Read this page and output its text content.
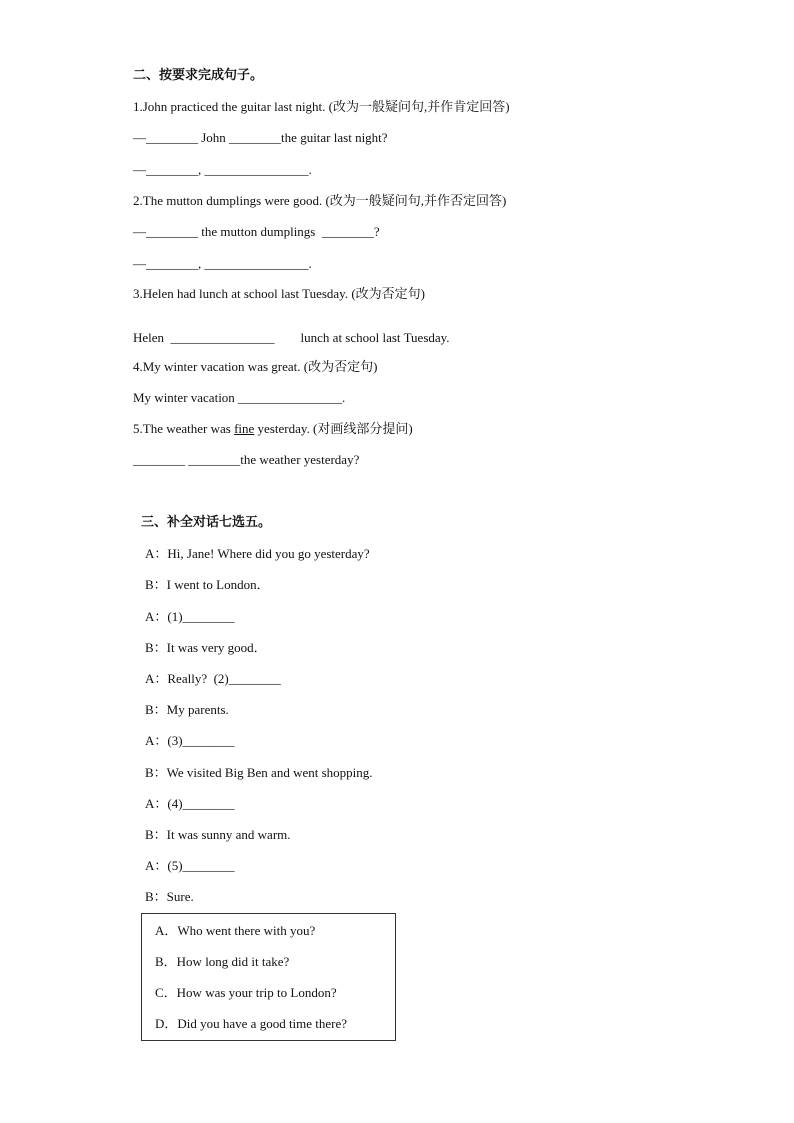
二、按要求完成句子。
1.John practiced the guitar last night. (改为一般疑问句,并作肯定回答)
—________ John ________the guitar last night?
—________, ________________.
2.The mutton dumplings were good. (改为一般疑问句,并作否定回答)
—________ the mutton dumplings  ________?
—________, ________________.
3.Helen had lunch at school last Tuesday. (改为否定句)
Helen  ________________        lunch at school last Tuesday.
4.My winter vacation was great. (改为否定句)
My winter vacation ________________.
5.The weather was fine yesterday. (对画线部分提问)
________ ________the weather yesterday?
三、补全对话七选五。
A：Hi, Jane! Where did you go yesterday?
B：I went to London．
A：(1)________
B：It was very good．
A：Really?  (2)________
B：My parents.
A：(3)________
B：We visited Big Ben and went shopping.
A：(4)________
B：It was sunny and warm.
A：(5)________
B：Sure.
A．Who went there with you?
B．How long did it take?
C．How was your trip to London?
D．Did you have a good time there?
